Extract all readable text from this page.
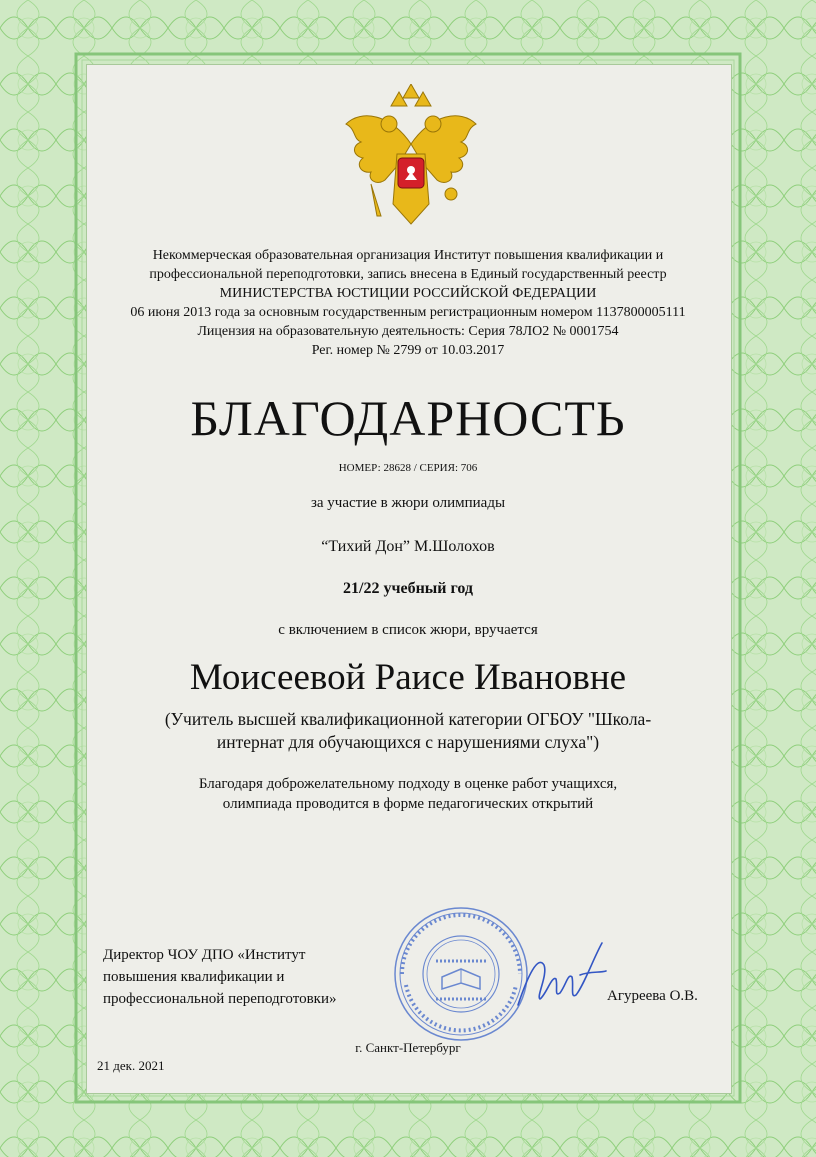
Некоммерческая образовательная организация Институт повышения квалификации и
профессиональной переподготовки, запись внесена в Единый государственный реестр
МИНИСТЕРСТВА ЮСТИЦИИ РОССИЙСКОЙ ФЕДЕРАЦИИ
06 июня 2013 года за основным государственным регистрационным номером 1137800005111
Лицензия на образовательную деятельность: Серия 78ЛО2 № 0001754
Рег. номер № 2799 от 10.03.2017
БЛАГОДАРНОСТЬ
НОМЕР: 28628 / СЕРИЯ: 706
за участие в жюри олимпиады
“Тихий Дон” М.Шолохов
21/22 учебный год
с включением в список жюри, вручается
Моисеевой Раисе Ивановне
(Учитель высшей квалификационной категории ОГБОУ "Школа-
интернат для обучающихся с нарушениями слуха")
Благодаря доброжелательному подходу в оценке работ учащихся,
олимпиада проводится в форме педагогических открытий
Директор ЧОУ ДПО «Институт
повышения квалификации и
профессиональной переподготовки»	Агуреева О.В.
г. Санкт-Петербург
21 дек. 2021
